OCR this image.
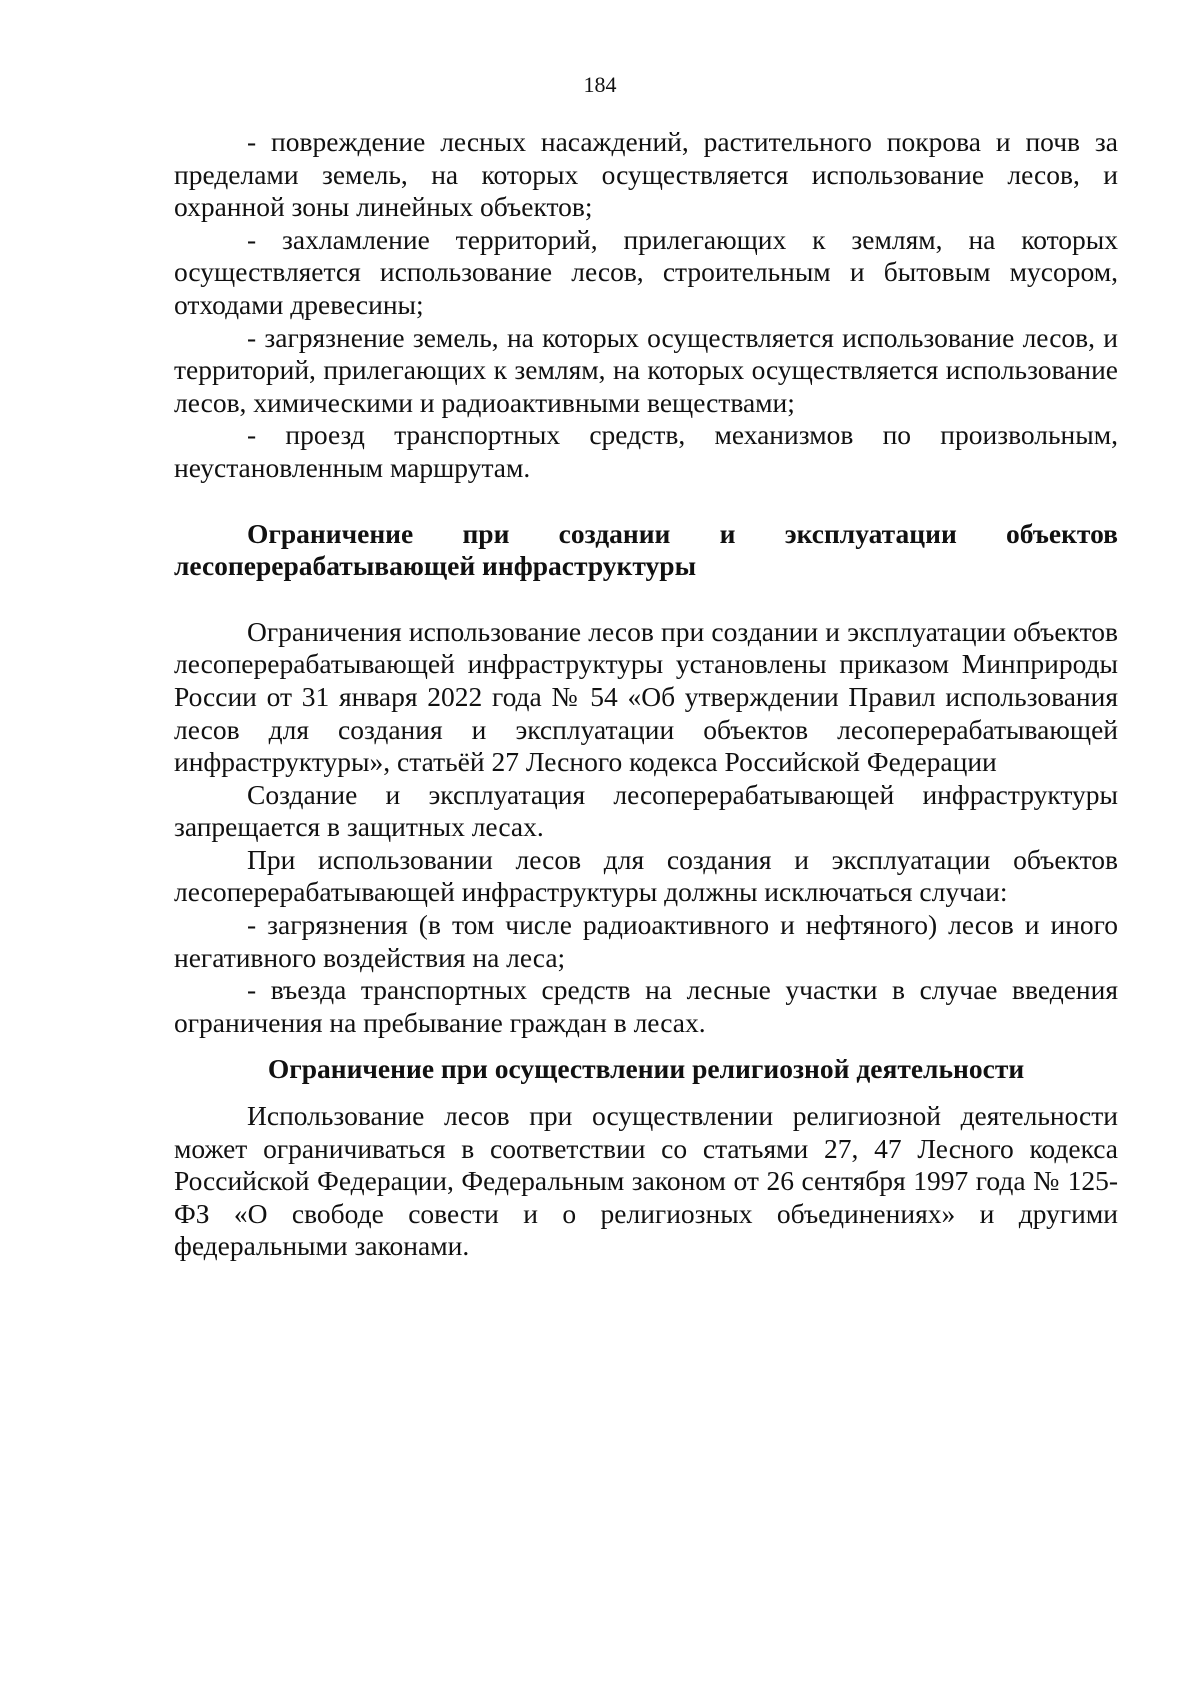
184

- повреждение лесных насаждений, растительного покрова и почв за пределами земель, на которых осуществляется использование лесов, и охранной зоны линейных объектов;

- захламление территорий, прилегающих к землям, на которых осуществляется использование лесов, строительным и бытовым мусором, отходами древесины;

- загрязнение земель, на которых осуществляется использование лесов, и территорий, прилегающих к землям, на которых осуществляется использование лесов, химическими и радиоактивными веществами;

- проезд транспортных средств, механизмов по произвольным, неустановленным маршрутам.

Ограничение при создании и эксплуатации объектов лесоперерабатывающей инфраструктуры

Ограничения использование лесов при создании и эксплуатации объектов лесоперерабатывающей инфраструктуры установлены приказом Минприроды России от 31 января 2022 года № 54 «Об утверждении Правил использования лесов для создания и эксплуатации объектов лесоперерабатывающей инфраструктуры», статьёй 27 Лесного кодекса Российской Федерации

Создание и эксплуатация лесоперерабатывающей инфраструктуры запрещается в защитных лесах.

При использовании лесов для создания и эксплуатации объектов лесоперерабатывающей инфраструктуры должны исключаться случаи:

- загрязнения (в том числе радиоактивного и нефтяного) лесов и иного негативного воздействия на леса;

- въезда транспортных средств на лесные участки в случае введения ограничения на пребывание граждан в лесах.

Ограничение при осуществлении религиозной деятельности

Использование лесов при осуществлении религиозной деятельности может ограничиваться в соответствии со статьями 27, 47 Лесного кодекса Российской Федерации, Федеральным законом от 26 сентября 1997 года № 125-ФЗ «О свободе совести и о религиозных объединениях» и другими федеральными законами.
